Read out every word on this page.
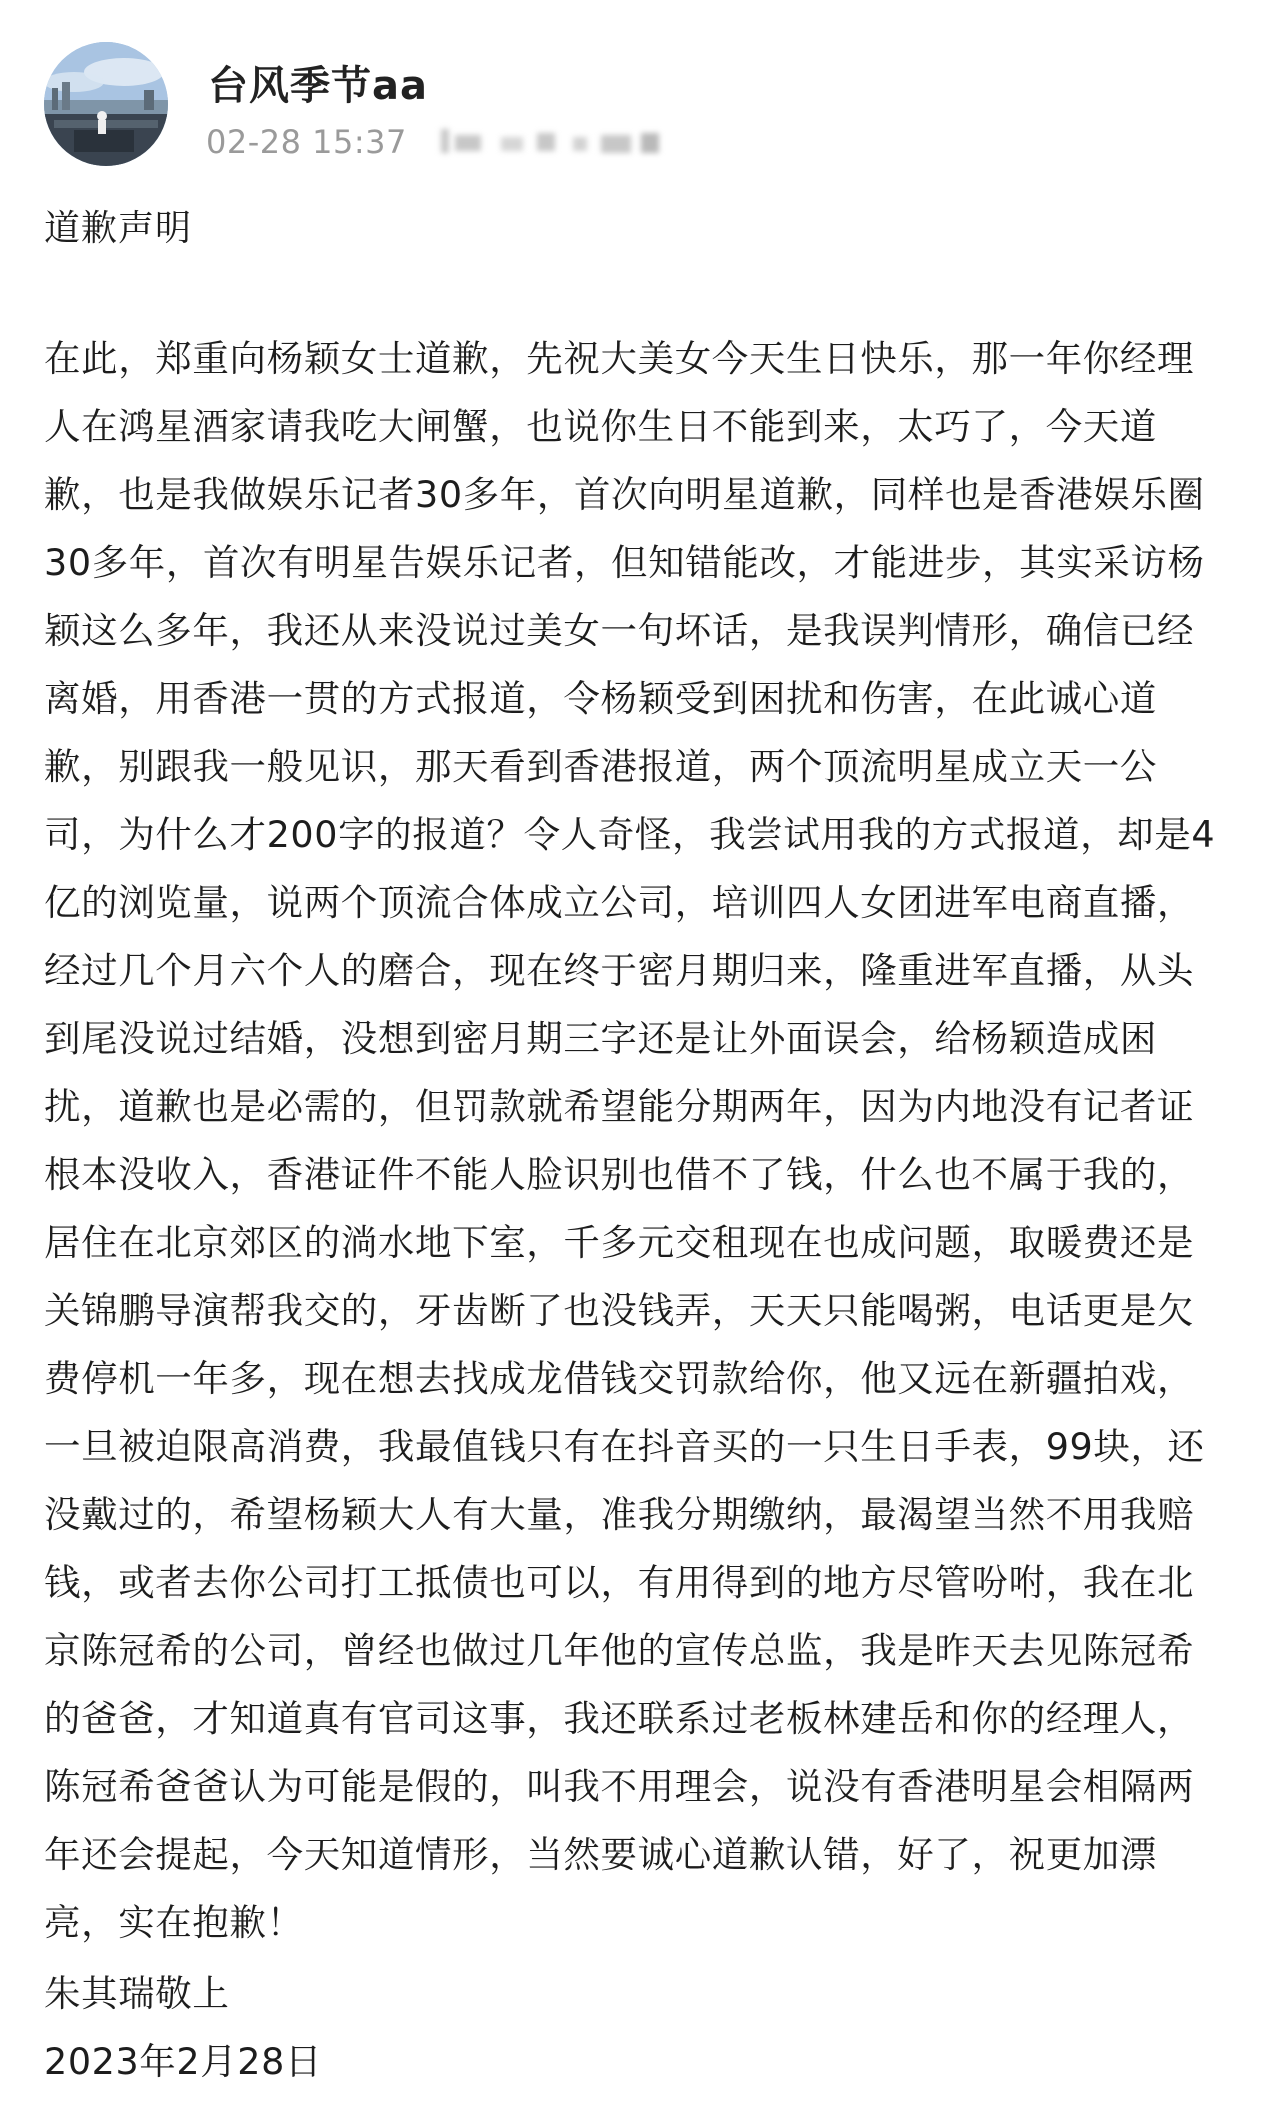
台风季节aa
02-28 15:37
道歉声明
在此，郑重向杨颖女士道歉，先祝大美女今天生日快乐，那一年你经理
人在鸿星酒家请我吃大闸蟹，也说你生日不能到来，太巧了，今天道
歉，也是我做娱乐记者30多年，首次向明星道歉，同样也是香港娱乐圈
30多年，首次有明星告娱乐记者，但知错能改，才能进步，其实采访杨
颖这么多年，我还从来没说过美女一句坏话，是我误判情形，确信已经
离婚，用香港一贯的方式报道，令杨颖受到困扰和伤害，在此诚心道
歉，别跟我一般见识，那天看到香港报道，两个顶流明星成立天一公
司，为什么才200字的报道？令人奇怪，我尝试用我的方式报道，却是4
亿的浏览量，说两个顶流合体成立公司，培训四人女团进军电商直播，
经过几个月六个人的磨合，现在终于密月期归来，隆重进军直播，从头
到尾没说过结婚，没想到密月期三字还是让外面误会，给杨颖造成困
扰，道歉也是必需的，但罚款就希望能分期两年，因为内地没有记者证
根本没收入，香港证件不能人脸识别也借不了钱，什么也不属于我的，
居住在北京郊区的淌水地下室，千多元交租现在也成问题，取暖费还是
关锦鹏导演帮我交的，牙齿断了也没钱弄，天天只能喝粥，电话更是欠
费停机一年多，现在想去找成龙借钱交罚款给你，他又远在新疆拍戏，
一旦被迫限高消费，我最值钱只有在抖音买的一只生日手表，99块，还
没戴过的，希望杨颖大人有大量，准我分期缴纳，最渴望当然不用我赔
钱，或者去你公司打工抵债也可以，有用得到的地方尽管吩咐，我在北
京陈冠希的公司，曾经也做过几年他的宣传总监，我是昨天去见陈冠希
的爸爸，才知道真有官司这事，我还联系过老板林建岳和你的经理人，
陈冠希爸爸认为可能是假的，叫我不用理会，说没有香港明星会相隔两
年还会提起，今天知道情形，当然要诚心道歉认错，好了，祝更加漂
亮，实在抱歉！
朱其瑞敬上
2023年2月28日
